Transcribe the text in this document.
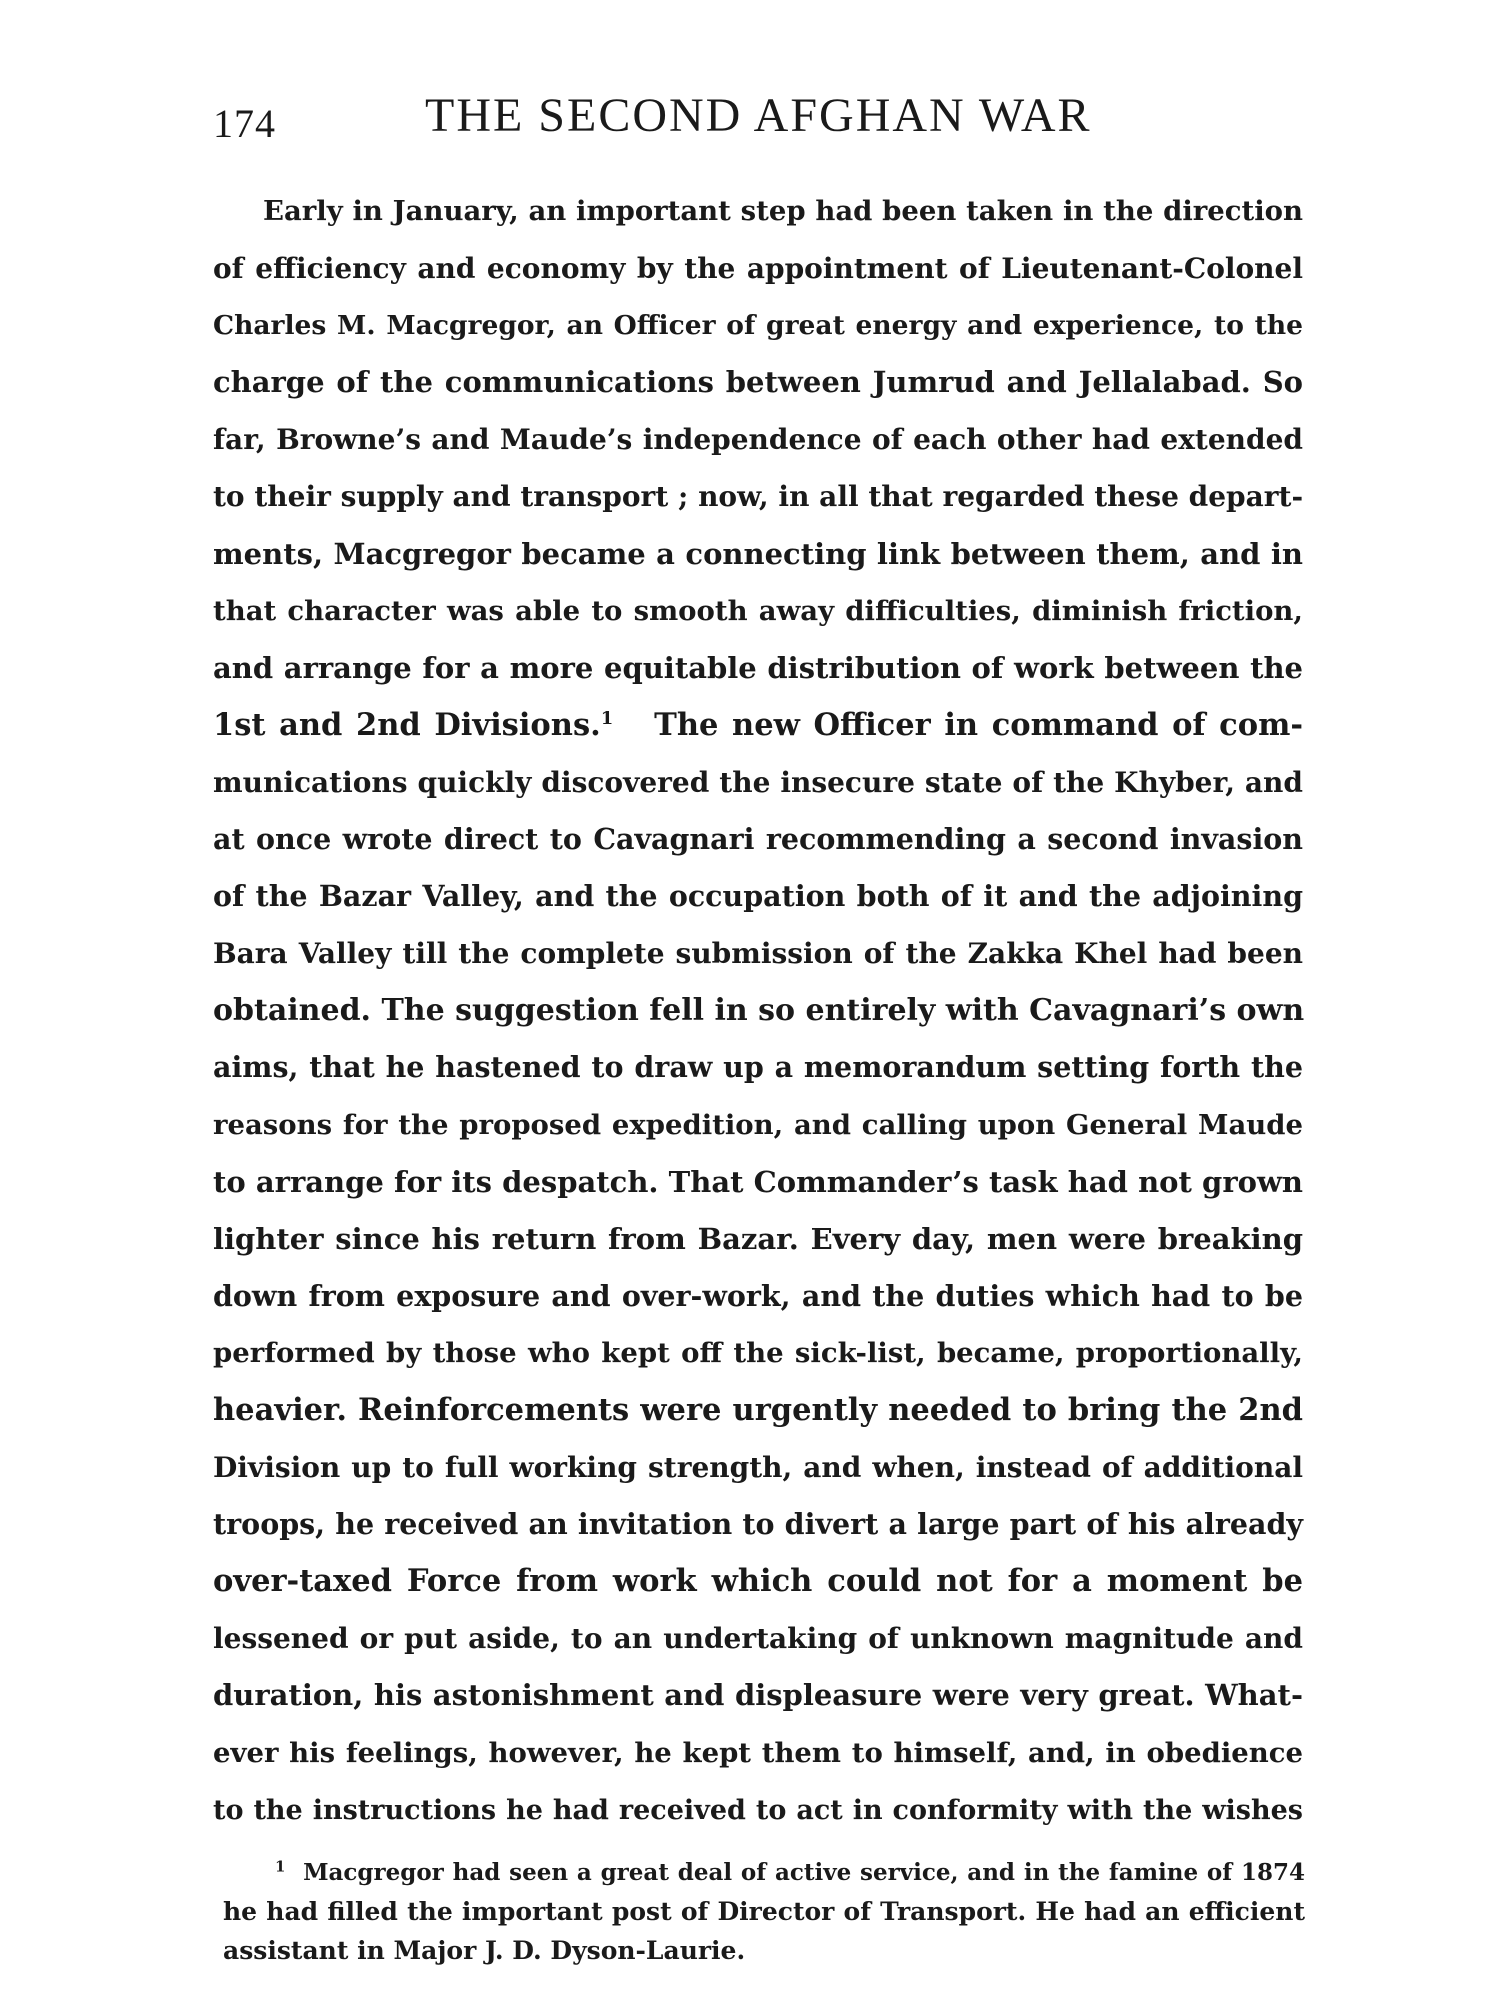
174	THE SECOND AFGHAN WAR
Early in January, an important step had been taken in the direction
of efficiency and economy by the appointment of Lieutenant-Colonel
Charles M. Macgregor, an Officer of great energy and experience, to the
charge of the communications between Jumrud and Jellalabad. So
far, Browne’s and Maude’s independence of each other had extended
to their supply and transport ; now, in all that regarded these depart-
ments, Macgregor became a connecting link between them, and in
that character was able to smooth away difficulties, diminish friction,
and arrange for a more equitable distribution of work between the
1st and 2nd Divisions.$^1$ The new Officer in command of com-
munications quickly discovered the insecure state of the Khyber, and
at once wrote direct to Cavagnari recommending a second invasion
of the Bazar Valley, and the occupation both of it and the adjoining
Bara Valley till the complete submission of the Zakka Khel had been
obtained. The suggestion fell in so entirely with Cavagnari’s own
aims, that he hastened to draw up a memorandum setting forth the
reasons for the proposed expedition, and calling upon General Maude
to arrange for its despatch. That Commander’s task had not grown
lighter since his return from Bazar. Every day, men were breaking
down from exposure and over-work, and the duties which had to be
performed by those who kept off the sick-list, became, proportionally,
heavier. Reinforcements were urgently needed to bring the 2nd
Division up to full working strength, and when, instead of additional
troops, he received an invitation to divert a large part of his already
over-taxed Force from work which could not for a moment be
lessened or put aside, to an undertaking of unknown magnitude and
duration, his astonishment and displeasure were very great. What-
ever his feelings, however, he kept them to himself, and, in obedience
to the instructions he had received to act in conformity with the wishes
$^1$ Macgregor had seen a great deal of active service, and in the famine of 1874
he had filled the important post of Director of Transport. He had an efficient
assistant in Major J. D. Dyson-Laurie.
